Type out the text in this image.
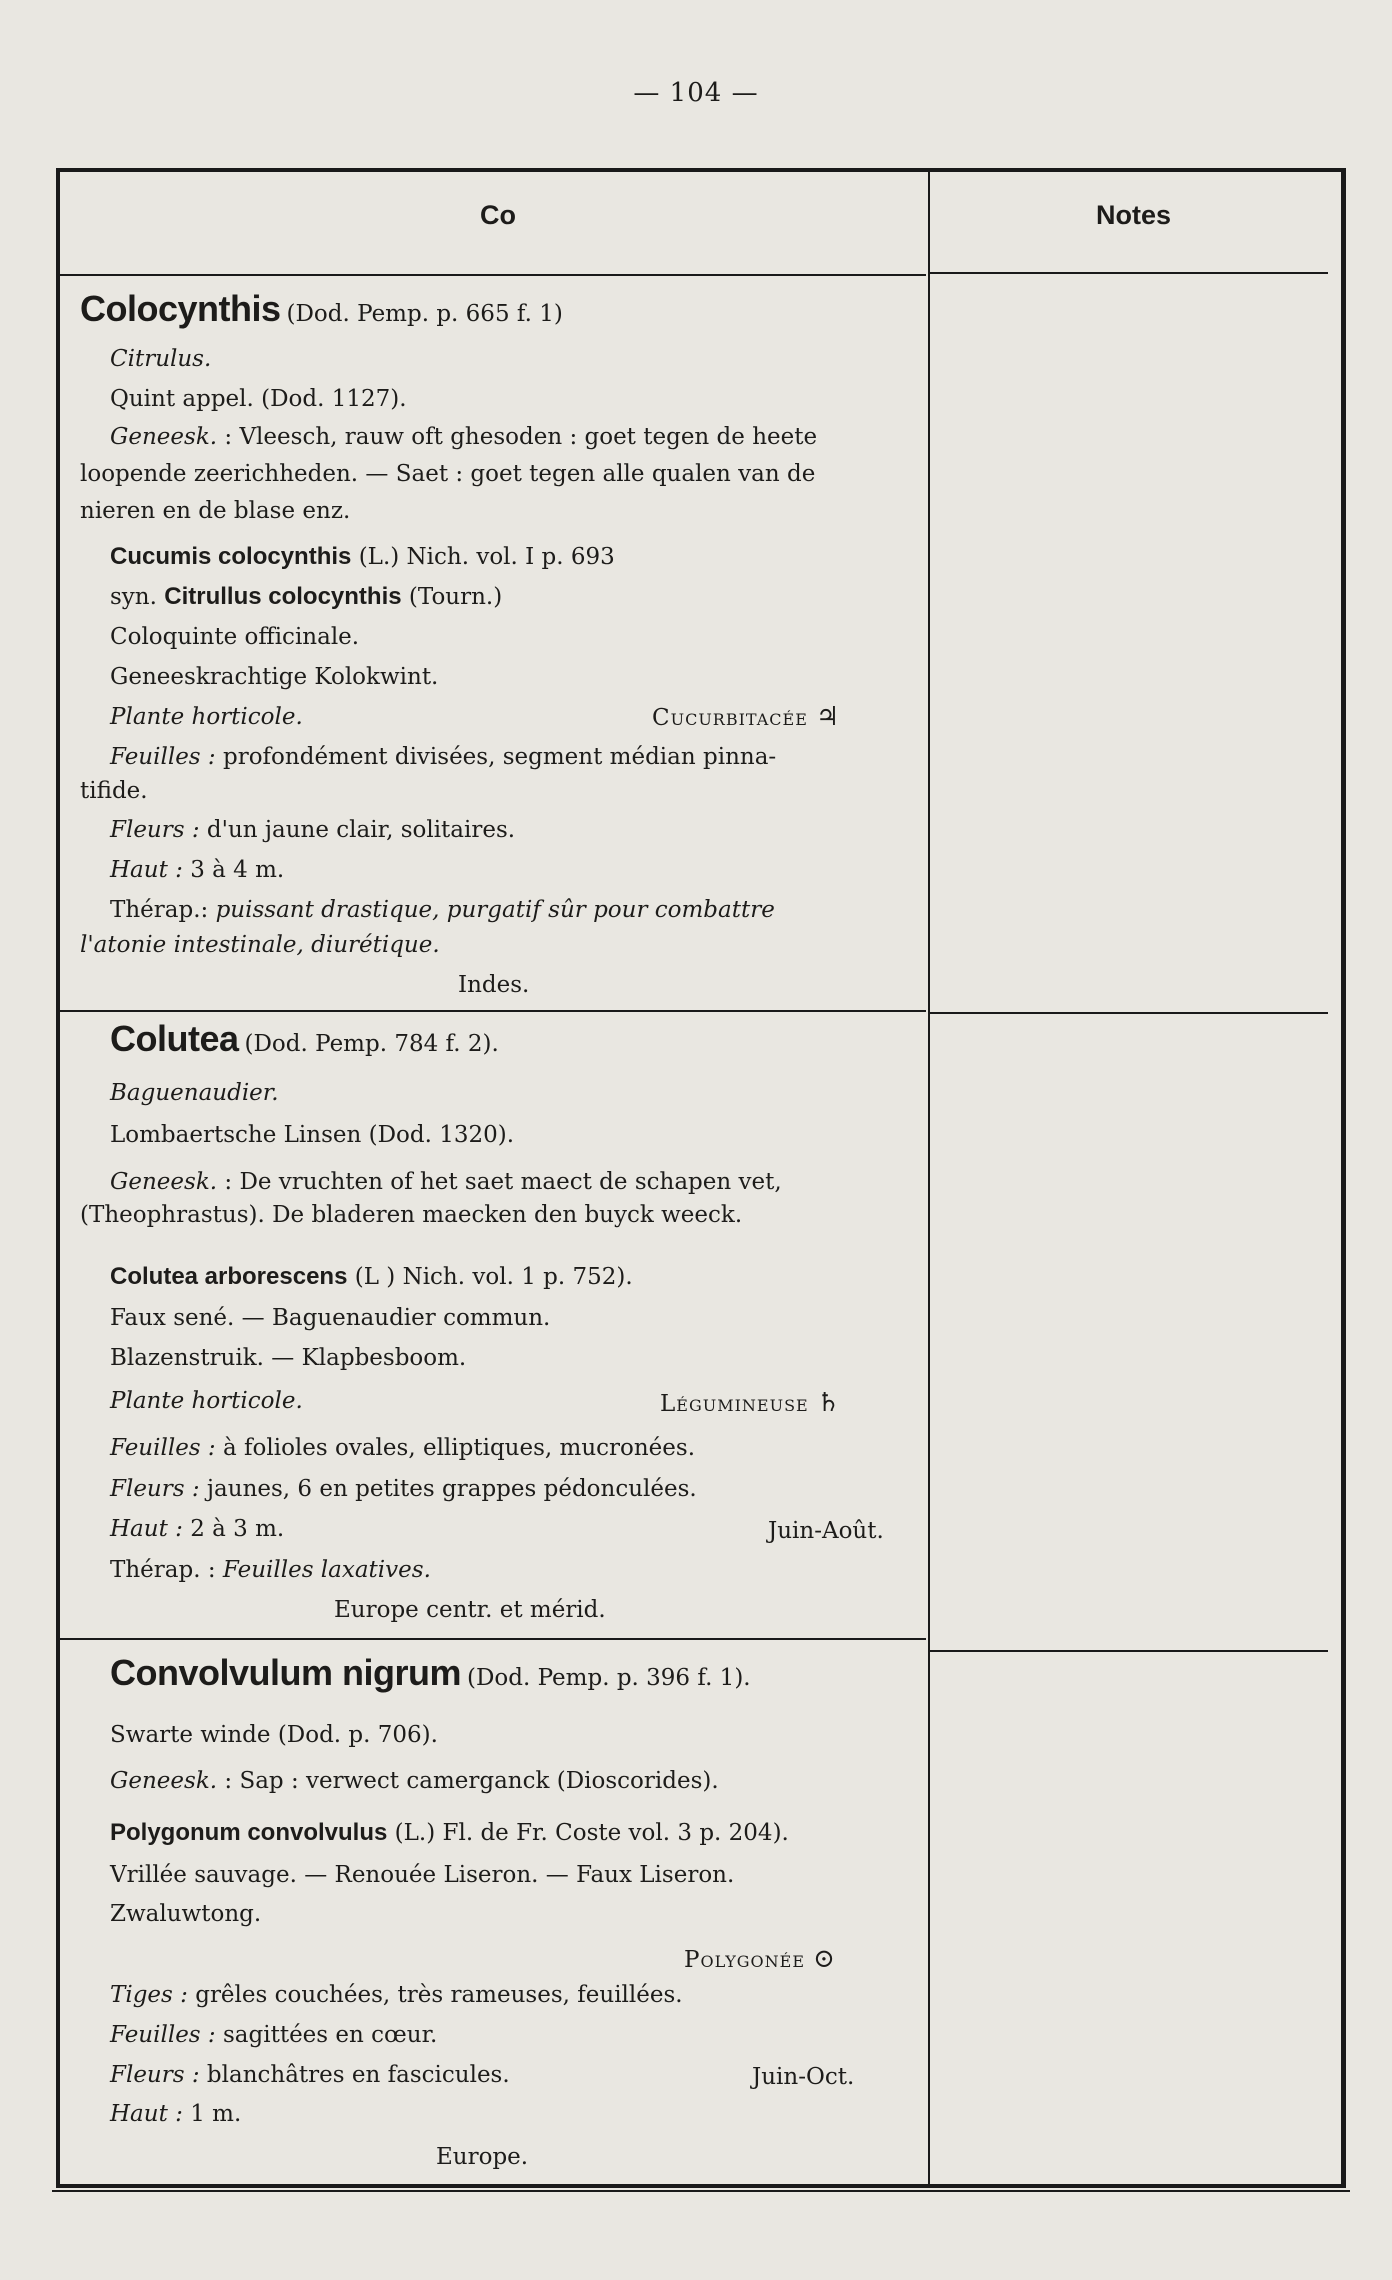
— 104 —
Co	Notes
Colocynthis (Dod. Pemp. p. 665 f. 1)
Citrulus.
Quint appel. (Dod. 1127).
Geneesk. : Vleesch, rauw oft ghesoden : goet tegen de heete
loopende zeerichheden. — Saet : goet tegen alle qualen van de
nieren en de blase enz.
Cucumis colocynthis (L.) Nich. vol. I p. 693
syn. Citrullus colocynthis (Tourn.)
Coloquinte officinale.
Geneeskrachtige Kolokwint.
Plante horticole.	Cucurbitacée ♃
Feuilles : profondément divisées, segment médian pinna-
tifide.
Fleurs : d'un jaune clair, solitaires.
Haut : 3 à 4 m.
Thérap.: puissant drastique, purgatif sûr pour combattre
l'atonie intestinale, diurétique.
Indes.
Colutea (Dod. Pemp. 784 f. 2).
Baguenaudier.
Lombaertsche Linsen (Dod. 1320).
Geneesk. : De vruchten of het saet maect de schapen vet,
(Theophrastus). De bladeren maecken den buyck weeck.
Colutea arborescens (L ) Nich. vol. 1 p. 752).
Faux sené. — Baguenaudier commun.
Blazenstruik. — Klapbesboom.
Plante horticole.	Légumineuse ♄
Feuilles : à folioles ovales, elliptiques, mucronées.
Fleurs : jaunes, 6 en petites grappes pédonculées.
Haut : 2 à 3 m.	Juin-Août.
Thérap. : Feuilles laxatives.
Europe centr. et mérid.
Convolvulum nigrum (Dod. Pemp. p. 396 f. 1).
Swarte winde (Dod. p. 706).
Geneesk. : Sap : verwect camerganck (Dioscorides).
Polygonum convolvulus (L.) Fl. de Fr. Coste vol. 3 p. 204).
Vrillée sauvage. — Renouée Liseron. — Faux Liseron.
Zwaluwtong.
Polygonée ⊙
Tiges : grêles couchées, très rameuses, feuillées.
Feuilles : sagittées en cœur.
Fleurs : blanchâtres en fascicules.	Juin-Oct.
Haut : 1 m.
Europe.
